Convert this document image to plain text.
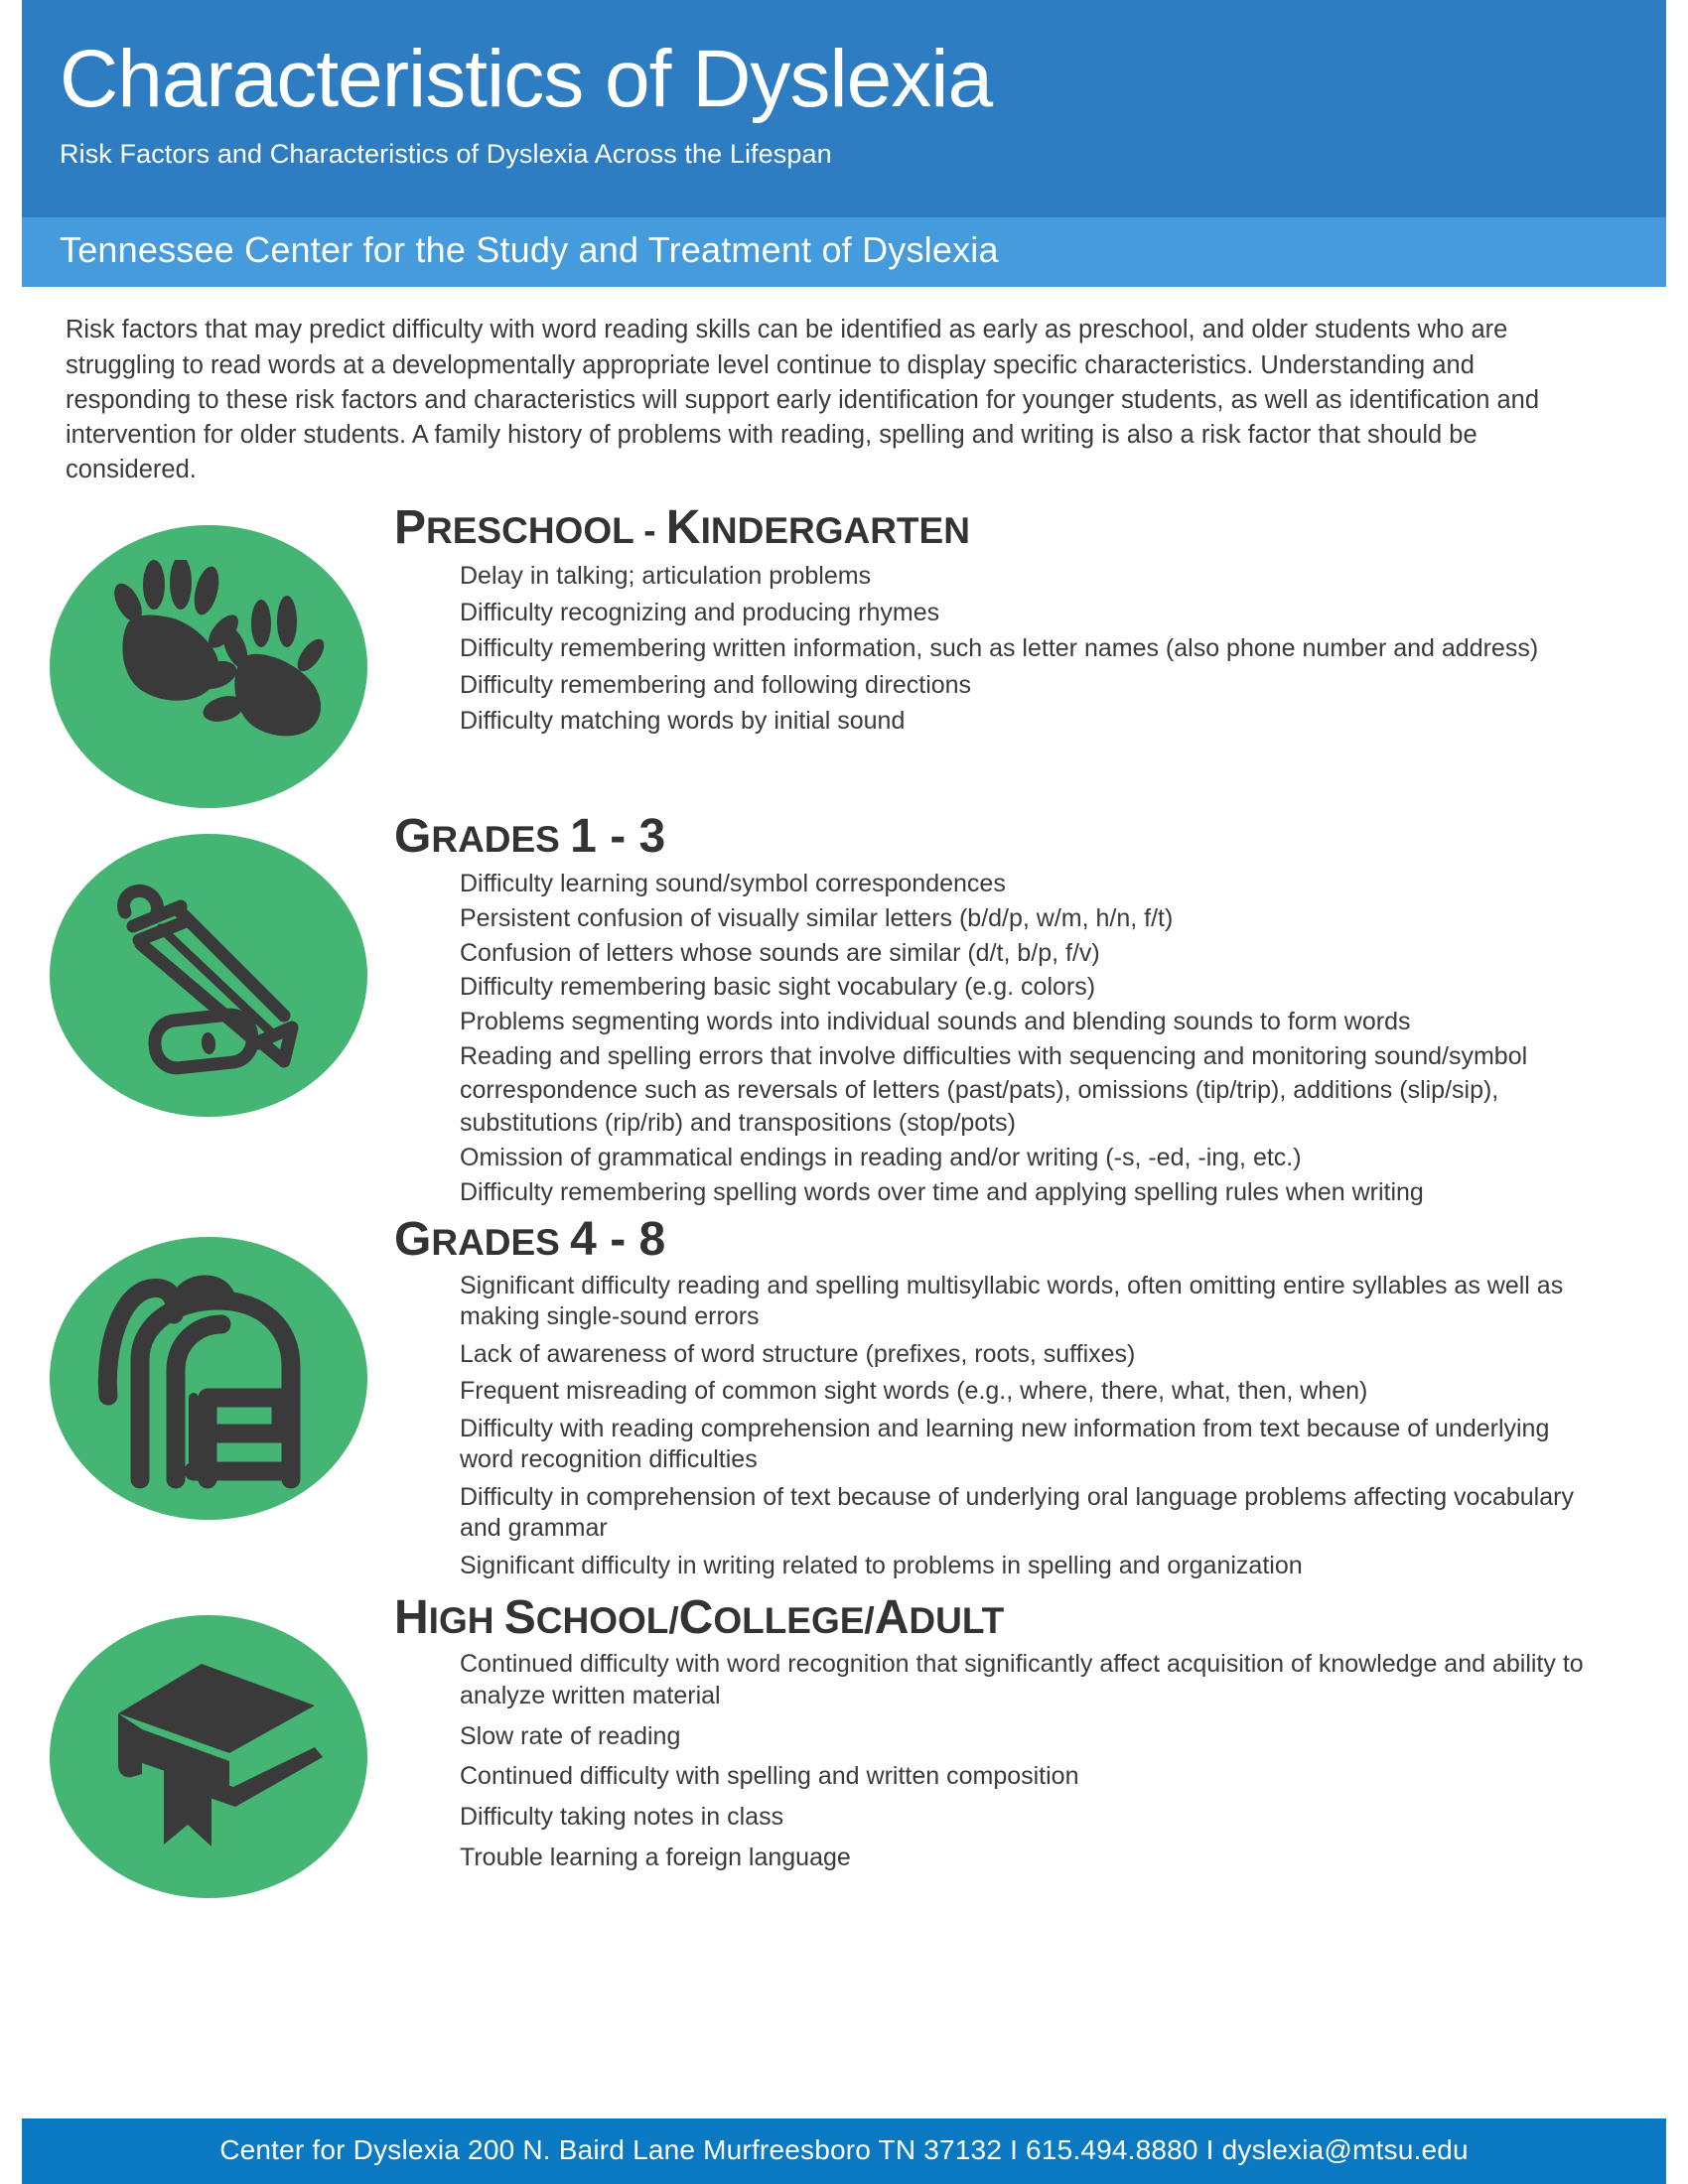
Characteristics of Dyslexia
Risk Factors and Characteristics of Dyslexia Across the Lifespan
Tennessee Center for the Study and Treatment of Dyslexia
Risk factors that may predict difficulty with word reading skills can be identified as early as preschool, and older students who are struggling to read words at a developmentally appropriate level continue to display specific characteristics. Understanding and responding to these risk factors and characteristics will support early identification for younger students, as well as identification and intervention for older students. A family history of problems with reading, spelling and writing is also a risk factor that should be considered.
PRESCHOOL - KINDERGARTEN
Delay in talking; articulation problems
Difficulty recognizing and producing rhymes
Difficulty remembering written information, such as letter names (also phone number and address)
Difficulty remembering and following directions
Difficulty matching words by initial sound
GRADES 1 - 3
Difficulty learning sound/symbol correspondences
Persistent confusion of visually similar letters (b/d/p, w/m, h/n, f/t)
Confusion of letters whose sounds are similar (d/t, b/p, f/v)
Difficulty remembering basic sight vocabulary (e.g. colors)
Problems segmenting words into individual sounds and blending sounds to form words
Reading and spelling errors that involve difficulties with sequencing and monitoring sound/symbol correspondence such as reversals of letters (past/pats), omissions (tip/trip), additions (slip/sip), substitutions (rip/rib) and transpositions (stop/pots)
Omission of grammatical endings in reading and/or writing (-s, -ed, -ing, etc.)
Difficulty remembering spelling words over time and applying spelling rules when writing
GRADES 4 - 8
Significant difficulty reading and spelling multisyllabic words, often omitting entire syllables as well as making single-sound errors
Lack of awareness of word structure (prefixes, roots, suffixes)
Frequent misreading of common sight words (e.g., where, there, what, then, when)
Difficulty with reading comprehension and learning new information from text because of underlying word recognition difficulties
Difficulty in comprehension of text because of underlying oral language problems affecting vocabulary and grammar
Significant difficulty in writing related to problems in spelling and organization
HIGH SCHOOL/COLLEGE/ADULT
Continued difficulty with word recognition that significantly affect acquisition of knowledge and ability to analyze written material
Slow rate of reading
Continued difficulty with spelling and written composition
Difficulty taking notes in class
Trouble learning a foreign language
Center for Dyslexia 200 N. Baird Lane Murfreesboro TN 37132 I 615.494.8880 I dyslexia@mtsu.edu
